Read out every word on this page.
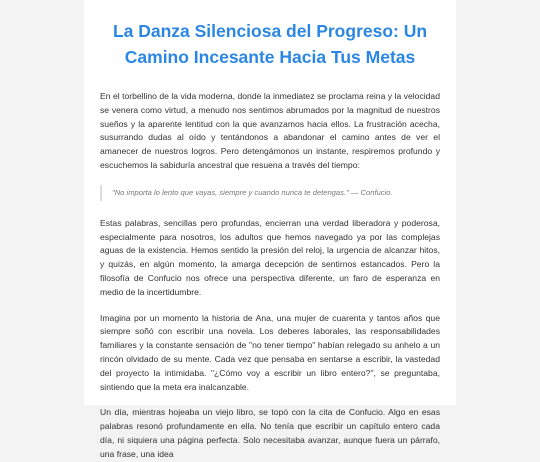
La Danza Silenciosa del Progreso: Un Camino Incesante Hacia Tus Metas

En el torbellino de la vida moderna, donde la inmediatez se proclama reina y la velocidad se venera como virtud, a menudo nos sentimos abrumados por la magnitud de nuestros sueños y la aparente lentitud con la que avanzamos hacia ellos. La frustración acecha, susurrando dudas al oído y tentándonos a abandonar el camino antes de ver el amanecer de nuestros logros. Pero detengámonos un instante, respiremos profundo y escuchemos la sabiduría ancestral que resuena a través del tiempo:

"No importa lo lento que vayas, siempre y cuando nunca te detengas." — Confucio.

Estas palabras, sencillas pero profundas, encierran una verdad liberadora y poderosa, especialmente para nosotros, los adultos que hemos navegado ya por las complejas aguas de la existencia. Hemos sentido la presión del reloj, la urgencia de alcanzar hitos, y quizás, en algún momento, la amarga decepción de sentirnos estancados. Pero la filosofía de Confucio nos ofrece una perspectiva diferente, un faro de esperanza en medio de la incertidumbre.

Imagina por un momento la historia de Ana, una mujer de cuarenta y tantos años que siempre soñó con escribir una novela. Los deberes laborales, las responsabilidades familiares y la constante sensación de "no tener tiempo" habían relegado su anhelo a un rincón olvidado de su mente. Cada vez que pensaba en sentarse a escribir, la vastedad del proyecto la intimidaba. "¿Cómo voy a escribir un libro entero?", se preguntaba, sintiendo que la meta era inalcanzable.

Un día, mientras hojeaba un viejo libro, se topó con la cita de Confucio. Algo en esas palabras resonó profundamente en ella. No tenía que escribir un capítulo entero cada día, ni siquiera una página perfecta. Solo necesitaba avanzar, aunque fuera un párrafo, una frase, una idea
